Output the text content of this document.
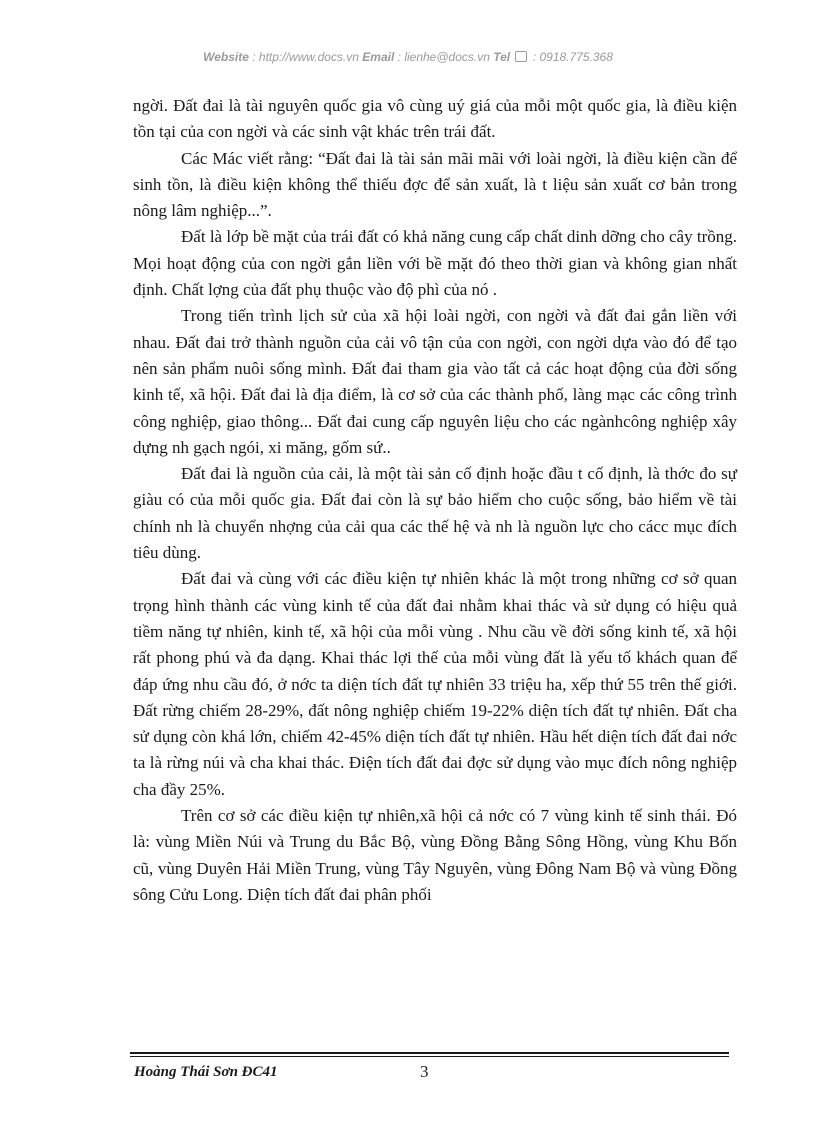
Website : http://www.docs.vn Email : lienhe@docs.vn Tel : 0918.775.368

ngời. Đất đai là tài nguyên quốc gia vô cùng uý giá của mỗi một quốc gia, là điều kiện tồn tại của con ngời và các sinh vật khác trên trái đất.

Các Mác viết rằng: “Đất đai là tài sản mãi mãi với loài ngời, là điều kiện cần để sinh tồn, là điều kiện không thể thiếu đợc để sản xuất, là t liệu sản xuất cơ bản trong nông lâm nghiệp...”.

Đất là lớp bề mặt của trái đất có khả năng cung cấp chất dinh dỡng cho cây trồng. Mọi hoạt động của con ngời gắn liền với bề mặt đó theo thời gian và không gian nhất định. Chất lợng của đất phụ thuộc vào độ phì của nó .

Trong tiến trình lịch sử của xã hội loài ngời, con ngời và đất đai gắn liền với nhau. Đất đai trở thành nguồn của cải vô tận của con ngời, con ngời dựa vào đó để tạo nên sản phẩm nuôi sống mình. Đất đai tham gia vào tất cả các hoạt động của đời sống kinh tế, xã hội. Đất đai là địa điểm, là cơ sở của các thành phố, làng mạc các công trình công nghiệp, giao thông... Đất đai cung cấp nguyên liệu cho các ngànhcông nghiệp xây dựng nh gạch ngói, xi măng, gốm sứ..

Đất đai là nguồn của cải, là một tài sản cố định hoặc đầu t cố định, là thớc đo sự giàu có của mỗi quốc gia. Đất đai còn là sự bảo hiểm cho cuộc sống, bảo hiểm về tài chính nh là chuyển nhợng của cải qua các thế hệ và nh là nguồn lực cho cácc mục đích tiêu dùng.

Đất đai và cùng với các điều kiện tự nhiên khác là một trong những cơ sở quan trọng hình thành các vùng kinh tế của đất đai nhằm khai thác và sử dụng có hiệu quả tiềm năng tự nhiên, kinh tế, xã hội của mỗi vùng . Nhu cầu về đời sống kinh tế, xã hội rất phong phú và đa dạng. Khai thác lợi thế của mỗi vùng đất là yếu tố khách quan để đáp ứng nhu cầu đó, ở nớc ta diện tích đất tự nhiên 33 triệu ha, xếp thứ 55 trên thế giới. Đất rừng chiếm 28-29%, đất nông nghiệp chiếm 19-22% diện tích đất tự nhiên. Đất cha sử dụng còn khá lớn, chiếm 42-45% diện tích đất tự nhiên. Hầu hết diện tích đất đai nớc ta là rừng núi và cha khai thác. Điện tích đất đai đợc sử dụng vào mục đích nông nghiệp cha đầy 25%.

Trên cơ sở các điều kiện tự nhiên,xã hội cả nớc có 7 vùng kinh tế sinh thái. Đó là: vùng Miền Núi và Trung du Bắc Bộ, vùng Đồng Bằng Sông Hồng, vùng Khu Bốn cũ, vùng Duyên Hải Miền Trung, vùng Tây Nguyên, vùng Đông Nam Bộ và vùng Đồng sông Cửu Long. Diện tích đất đai phân phối

Hoàng Thái Sơn ĐC41	3
